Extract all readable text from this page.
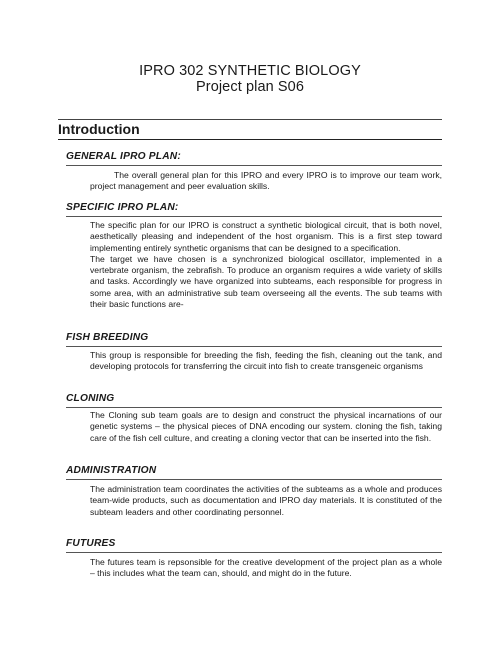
IPRO 302 SYNTHETIC BIOLOGY
Project plan S06
Introduction
GENERAL IPRO PLAN:

The overall general plan for this IPRO and every IPRO is to improve our team work, project management and peer evaluation skills.

SPECIFIC IPRO PLAN:

The specific plan for our IPRO is construct a synthetic biological circuit, that is both novel, aesthetically pleasing and independent of the host organism. This is a first step toward implementing entirely synthetic organisms that can be designed to a specification.

The target we have chosen is a synchronized biological oscillator, implemented in a vertebrate organism, the zebrafish. To produce an organism requires a wide variety of skills and tasks. Accordingly we have organized into subteams, each responsible for progress in some area, with an administrative sub team overseeing all the events. The sub teams with their basic functions are-

FISH BREEDING

This group is responsible for breeding the fish, feeding the fish, cleaning out the tank, and developing protocols for transferring the circuit into fish to create transgeneic organisms

CLONING

The Cloning sub team goals are to design and construct the physical incarnations of our genetic systems – the physical pieces of DNA encoding our system. cloning the fish, taking care of the fish cell culture, and creating a cloning vector that can be inserted into the fish.

ADMINISTRATION

The administration team coordinates the activities of the subteams as a whole and produces team-wide products, such as documentation and IPRO day materials. It is constituted of the subteam leaders and other coordinating personnel.

FUTURES

The futures team is repsonsible for the creative development of the project plan as a whole – this includes what the team can, should, and might do in the future.
